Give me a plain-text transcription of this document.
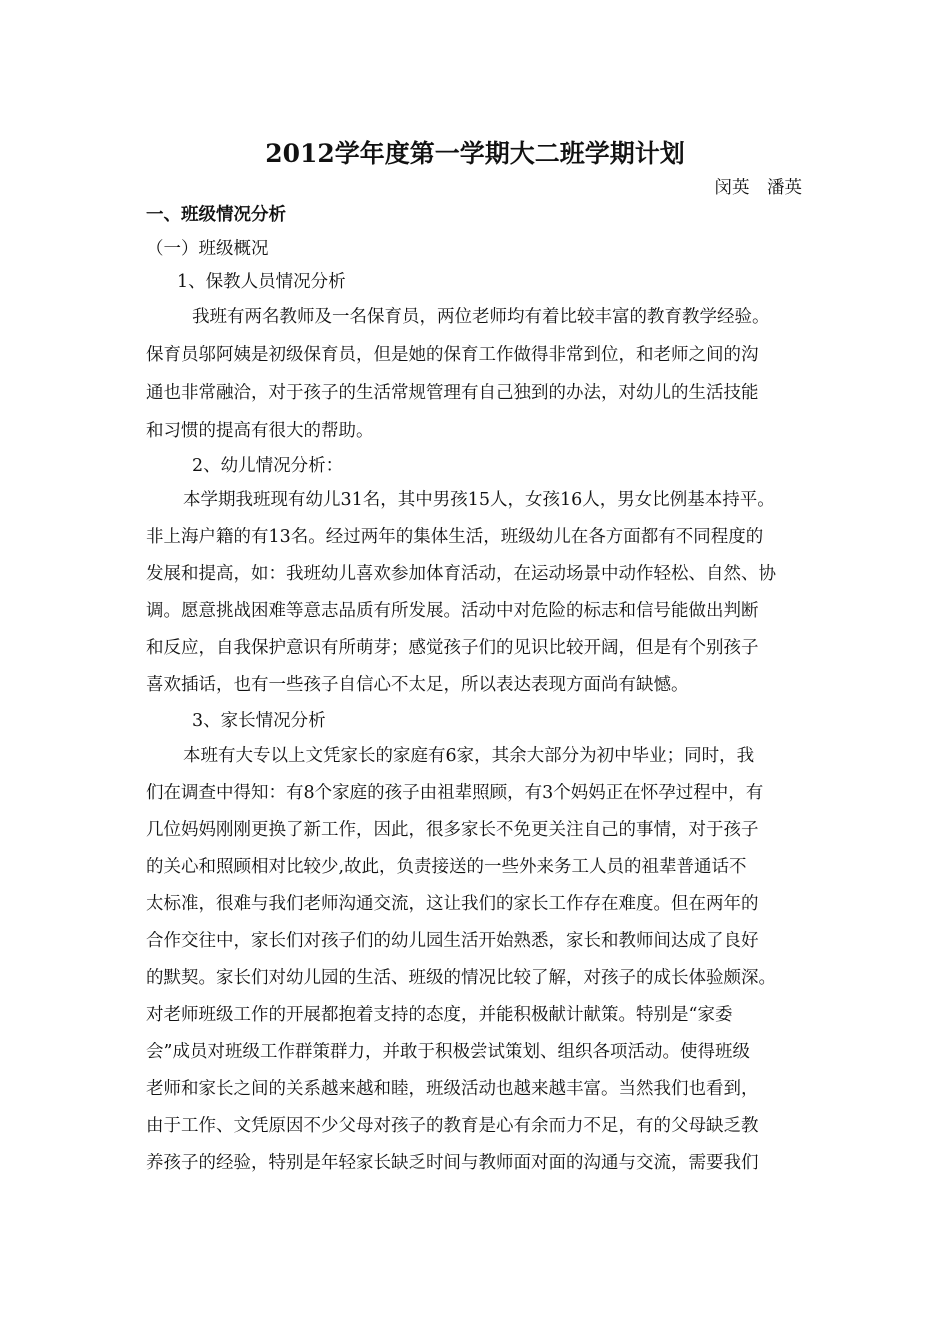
2012学年度第一学期大二班学期计划
闵英　潘英
一、班级情况分析
（一）班级概况
1、保教人员情况分析
我班有两名教师及一名保育员，两位老师均有着比较丰富的教育教学经验。
保育员邬阿姨是初级保育员，但是她的保育工作做得非常到位，和老师之间的沟
通也非常融洽，对于孩子的生活常规管理有自己独到的办法，对幼儿的生活技能
和习惯的提高有很大的帮助。
2、幼儿情况分析：
本学期我班现有幼儿31名，其中男孩15人，女孩16人，男女比例基本持平。
非上海户籍的有13名。经过两年的集体生活，班级幼儿在各方面都有不同程度的
发展和提高，如：我班幼儿喜欢参加体育活动，在运动场景中动作轻松、自然、协
调。愿意挑战困难等意志品质有所发展。活动中对危险的标志和信号能做出判断
和反应，自我保护意识有所萌芽；感觉孩子们的见识比较开阔，但是有个别孩子
喜欢插话，也有一些孩子自信心不太足，所以表达表现方面尚有缺憾。
3、家长情况分析
本班有大专以上文凭家长的家庭有6家，其余大部分为初中毕业；同时，我
们在调查中得知：有8个家庭的孩子由祖辈照顾，有3个妈妈正在怀孕过程中，有
几位妈妈刚刚更换了新工作，因此，很多家长不免更关注自己的事情，对于孩子
的关心和照顾相对比较少,故此，负责接送的一些外来务工人员的祖辈普通话不
太标准，很难与我们老师沟通交流，这让我们的家长工作存在难度。但在两年的
合作交往中，家长们对孩子们的幼儿园生活开始熟悉，家长和教师间达成了良好
的默契。家长们对幼儿园的生活、班级的情况比较了解，对孩子的成长体验颇深。
对老师班级工作的开展都抱着支持的态度，并能积极献计献策。特别是“家委
会”成员对班级工作群策群力，并敢于积极尝试策划、组织各项活动。使得班级
老师和家长之间的关系越来越和睦，班级活动也越来越丰富。当然我们也看到，
由于工作、文凭原因不少父母对孩子的教育是心有余而力不足，有的父母缺乏教
养孩子的经验，特别是年轻家长缺乏时间与教师面对面的沟通与交流，需要我们
